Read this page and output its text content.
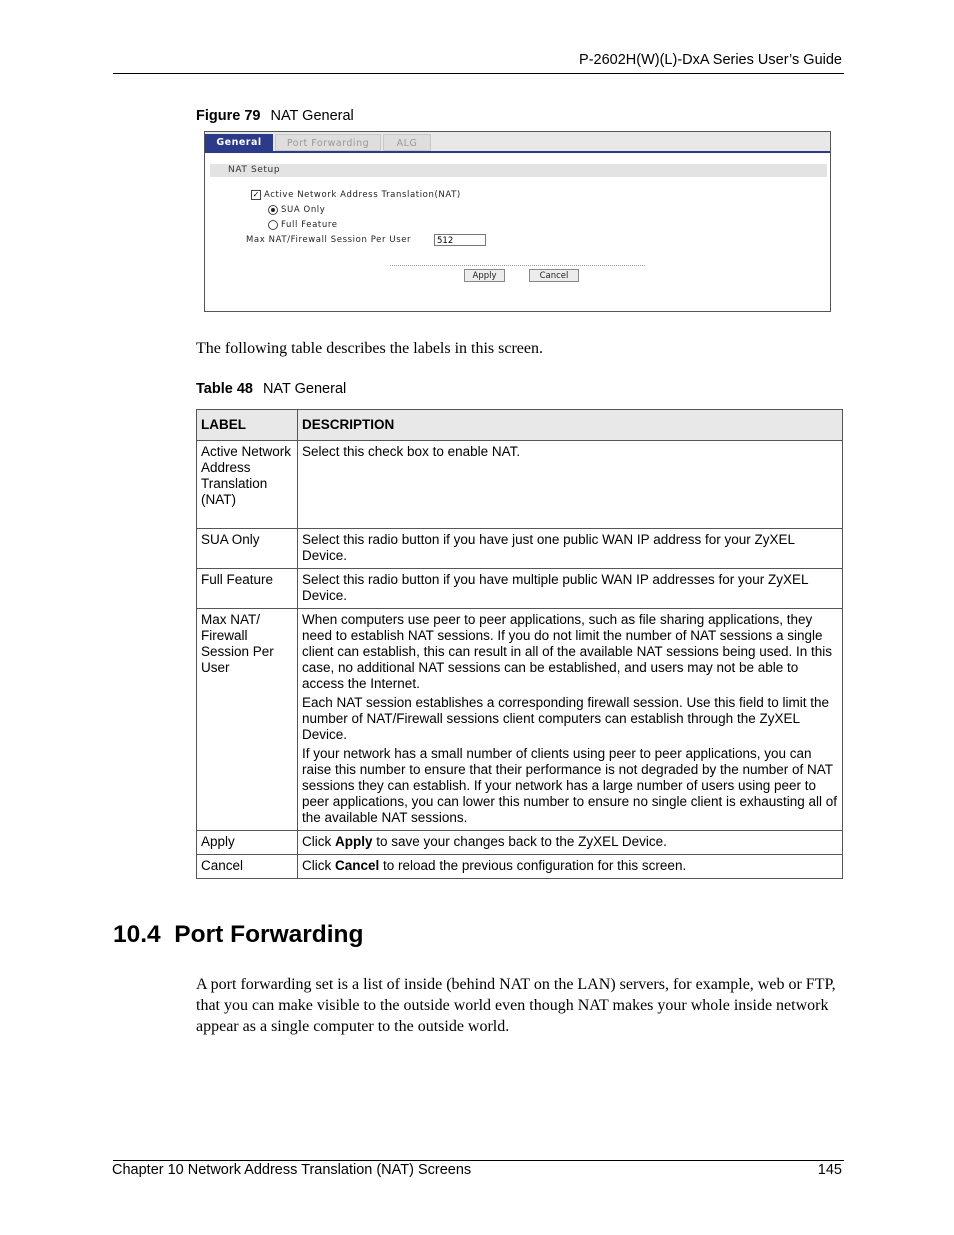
P-2602H(W)(L)-DxA Series User’s Guide
Figure 79 NAT General
General	Port Forwarding	ALG
NAT Setup
✓ Active Network Address Translation(NAT)
SUA Only
Full Feature
Max NAT/Firewall Session Per User	512
Apply	Cancel
The following table describes the labels in this screen.
Table 48 NAT General
LABEL	DESCRIPTION
Active Network Address Translation (NAT)	Select this check box to enable NAT.
SUA Only	Select this radio button if you have just one public WAN IP address for your ZyXEL Device.
Full Feature	Select this radio button if you have multiple public WAN IP addresses for your ZyXEL Device.
Max NAT/ Firewall Session Per User	When computers use peer to peer applications, such as file sharing applications, they need to establish NAT sessions. If you do not limit the number of NAT sessions a single client can establish, this can result in all of the available NAT sessions being used. In this case, no additional NAT sessions can be established, and users may not be able to access the Internet.

Each NAT session establishes a corresponding firewall session. Use this field to limit the number of NAT/Firewall sessions client computers can establish through the ZyXEL Device.

If your network has a small number of clients using peer to peer applications, you can raise this number to ensure that their performance is not degraded by the number of NAT sessions they can establish. If your network has a large number of users using peer to peer applications, you can lower this number to ensure no single client is exhausting all of the available NAT sessions.

Apply	Click Apply to save your changes back to the ZyXEL Device.
Cancel	Click Cancel to reload the previous configuration for this screen.
10.4  Port Forwarding
A port forwarding set is a list of inside (behind NAT on the LAN) servers, for example, web or FTP, that you can make visible to the outside world even though NAT makes your whole inside network appear as a single computer to the outside world.
Chapter 10 Network Address Translation (NAT) Screens	145
